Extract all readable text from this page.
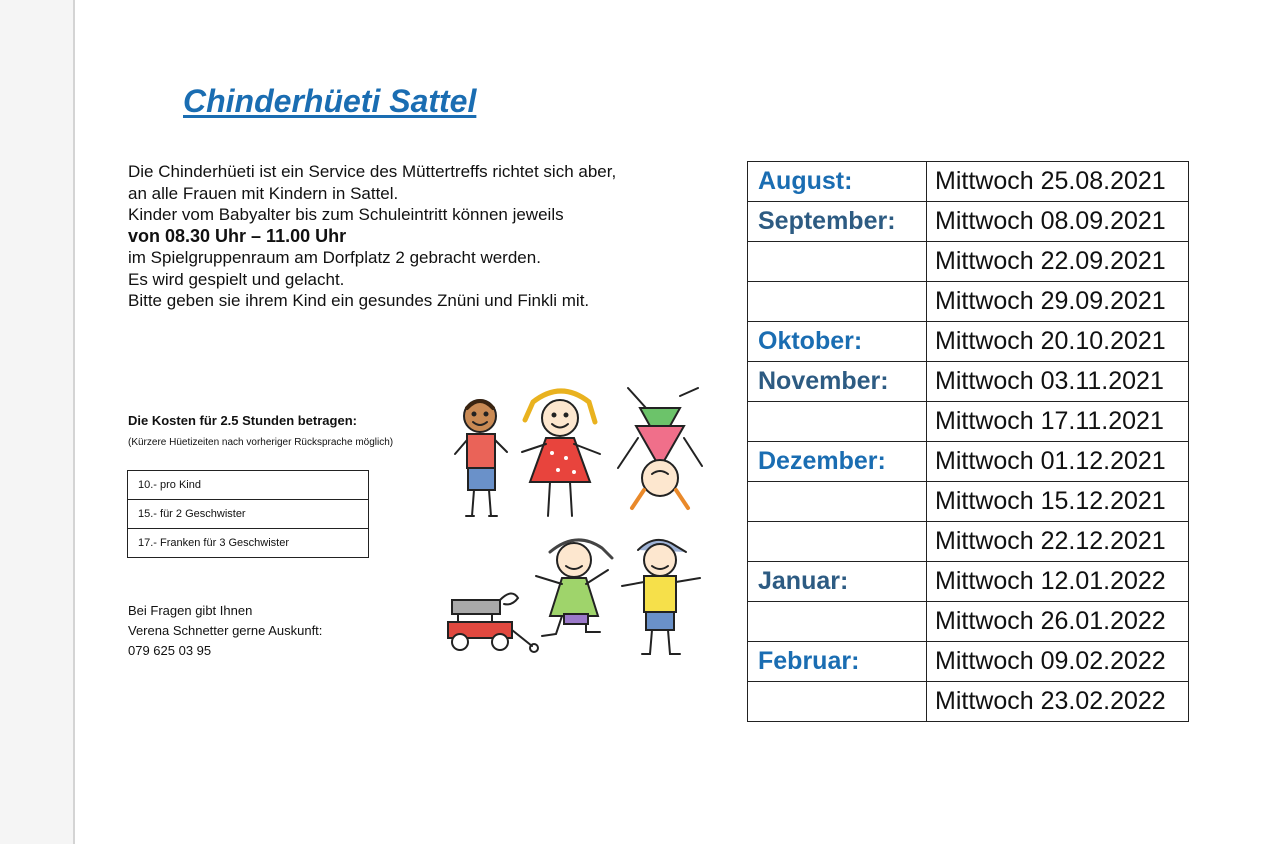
Chinderhüeti Sattel
Die Chinderhüeti ist ein Service des Müttertreffs richtet sich aber,
an alle Frauen mit Kindern in Sattel.
Kinder vom Babyalter bis zum Schuleintritt können jeweils
von 08.30 Uhr – 11.00 Uhr
im Spielgruppenraum am Dorfplatz 2 gebracht werden.
Es wird gespielt und gelacht.
Bitte geben sie ihrem Kind ein gesundes Znüni und Finkli mit.
Die Kosten für 2.5 Stunden betragen:
(Kürzere Hüetizeiten nach vorheriger Rücksprache möglich)
10.- pro Kind
15.- für 2 Geschwister
17.- Franken für 3 Geschwister
Bei Fragen gibt Ihnen
Verena Schnetter gerne Auskunft:
079 625 03 95
August:	Mittwoch 25.08.2021
September:	Mittwoch 08.09.2021
	Mittwoch 22.09.2021
	Mittwoch 29.09.2021
Oktober:	Mittwoch 20.10.2021
November:	Mittwoch 03.11.2021
	Mittwoch 17.11.2021
Dezember:	Mittwoch 01.12.2021
	Mittwoch 15.12.2021
	Mittwoch 22.12.2021
Januar:	Mittwoch 12.01.2022
	Mittwoch 26.01.2022
Februar:	Mittwoch 09.02.2022
	Mittwoch 23.02.2022
